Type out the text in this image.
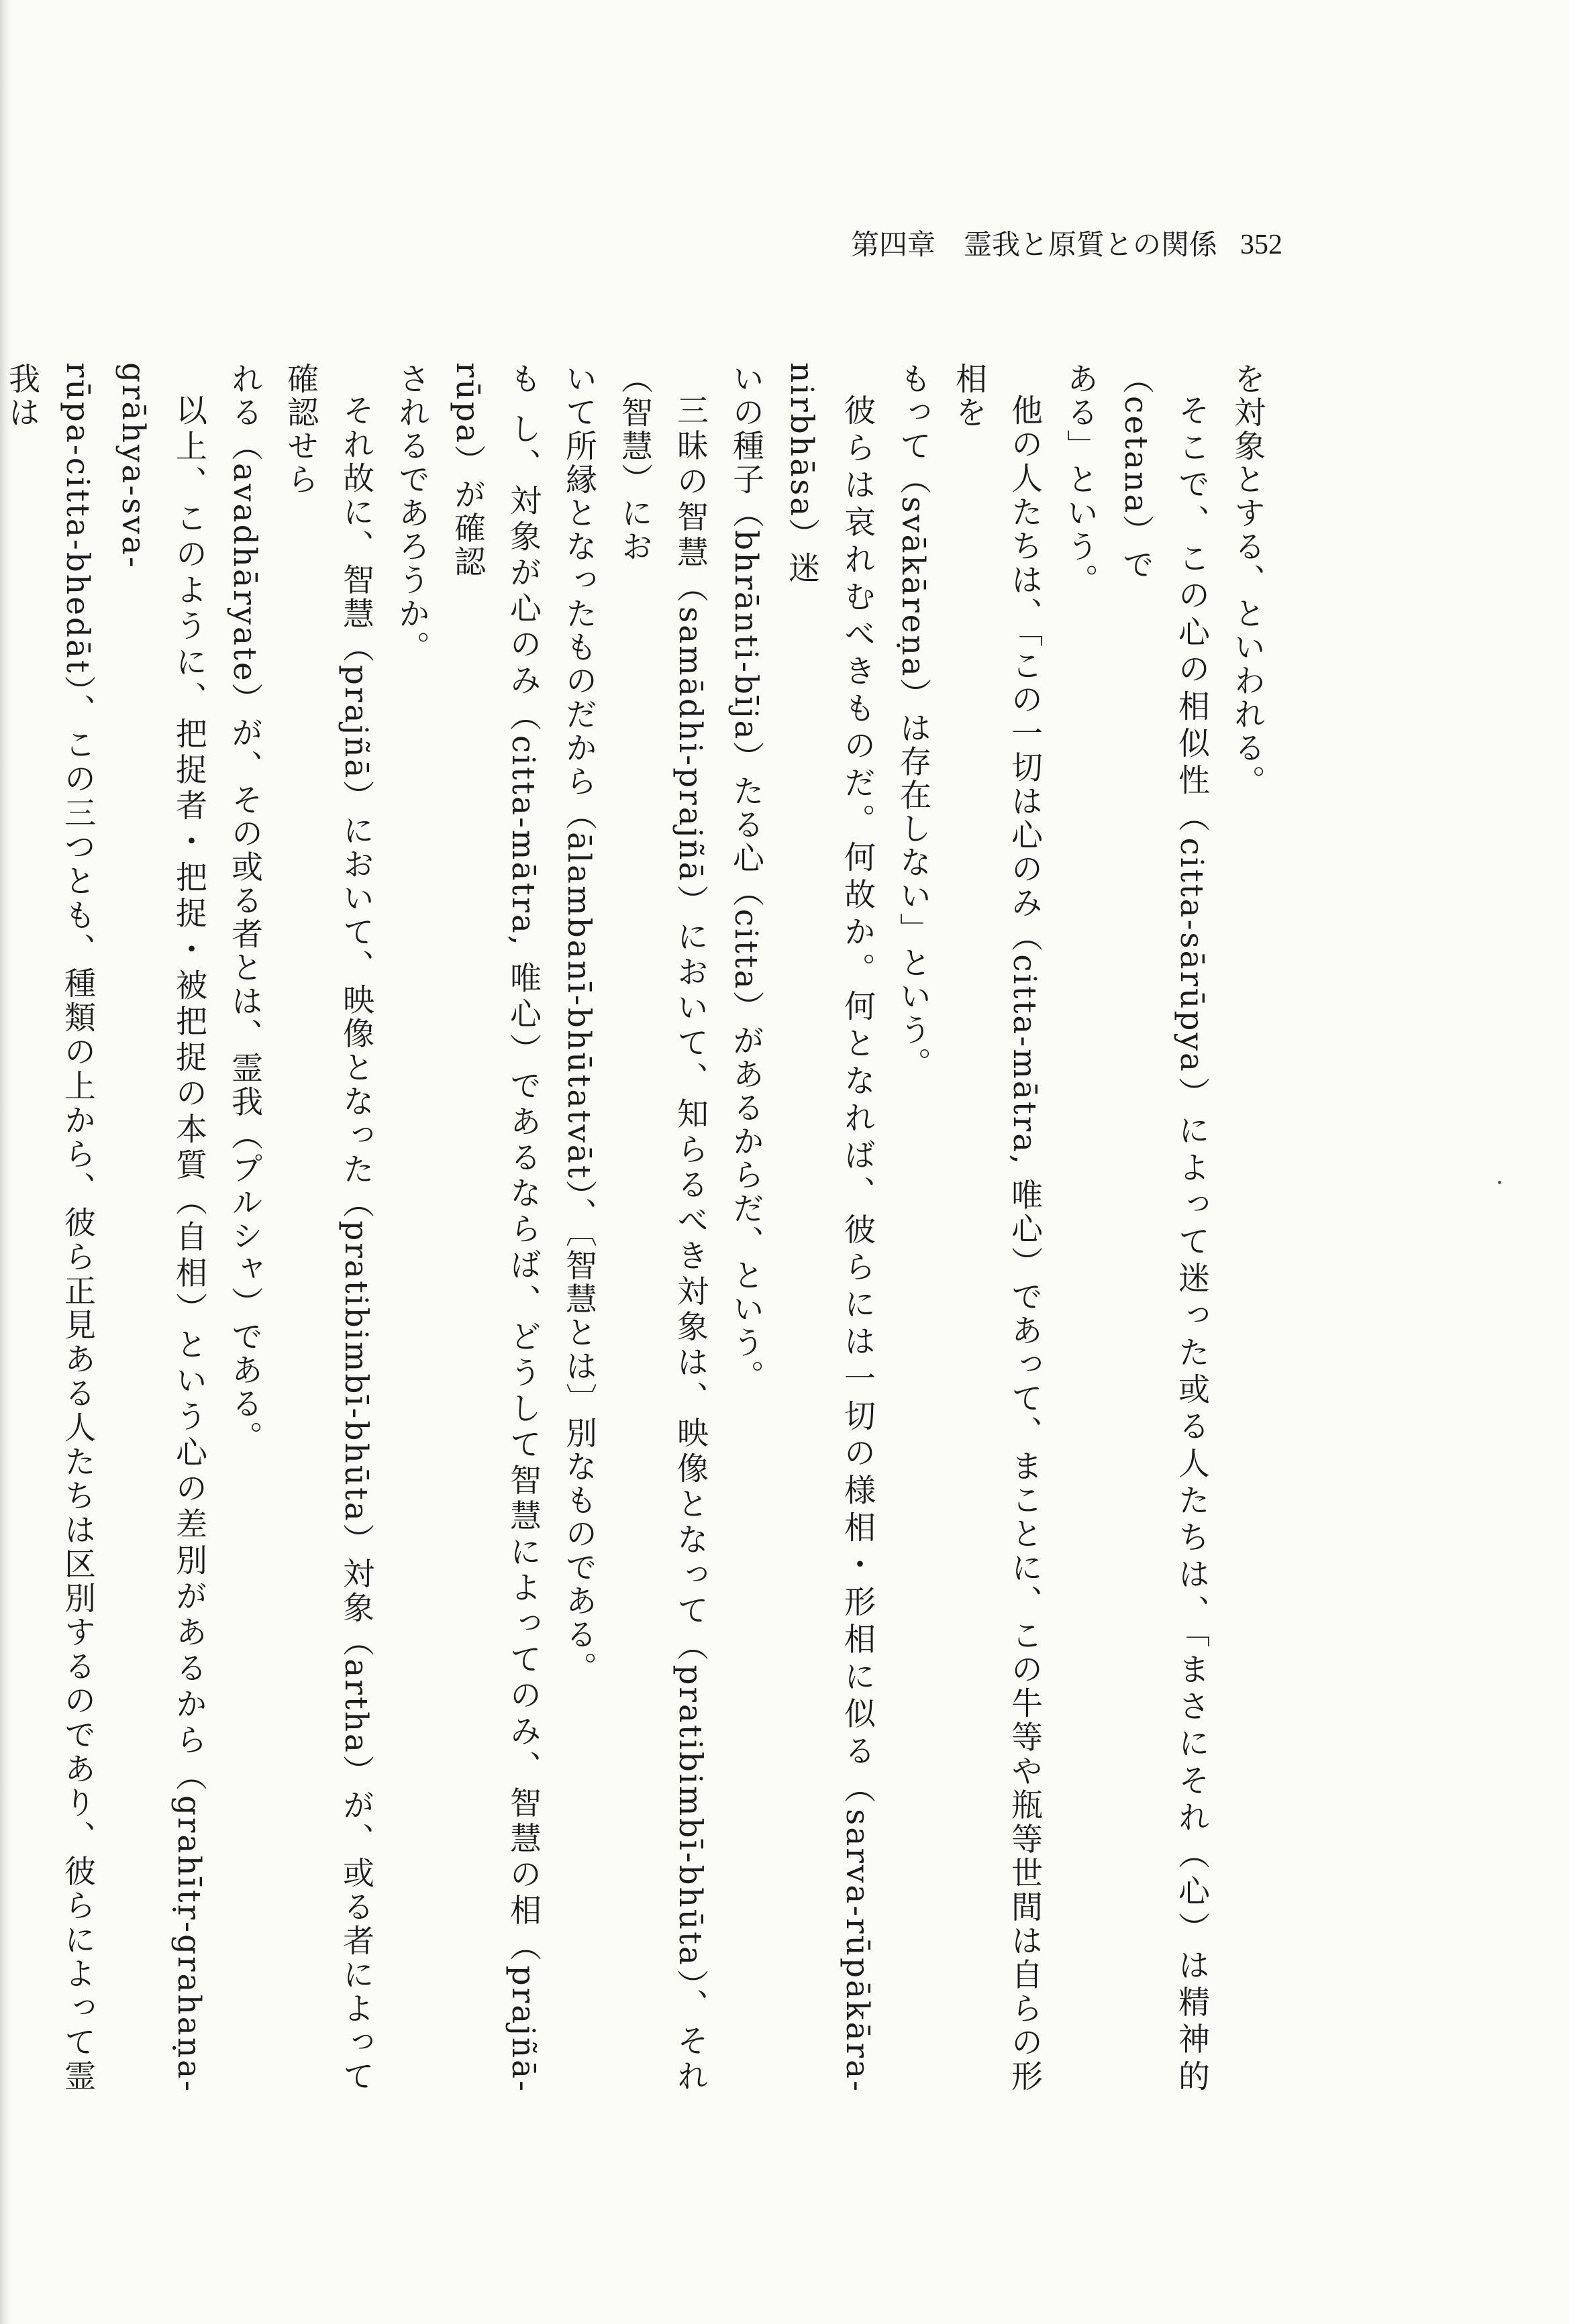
第四章　霊我と原質との関係 352

を対象とする、といわれる。

そこで、この心の相似性（citta-sārūpya）によって迷った或る人たちは、「まさにそれ（心）は精神的（cetana）で

ある」という。

他の人たちは、「この一切は心のみ（citta-mātra, 唯心）であって、まことに、この牛等や瓶等世間は自らの形相を

もって（svākāreṇa）は存在しない」という。

彼らは哀れむべきものだ。何故か。何となれば、彼らには一切の様相・形相に似る（sarva-rūpākāra-nirbhāsa）迷

いの種子（bhrānti-bīja）たる心（citta）があるからだ、という。

三昧の智慧（samādhi-prajñā）において、知らるべき対象は、映像となって（pratibimbī-bhūta）、それ（智慧）にお

いて所縁となったものだから（ālambanī-bhūtatvāt）、〔智慧とは〕別なものである。

も し、対象が心のみ（citta-mātra, 唯心）であるならば、どうして智慧によってのみ、智慧の相（prajñā-rūpa）が確認

されるであろうか。

それ故に、智慧（prajñā）において、映像となった（pratibimbī-bhūta）対象（artha）が、或る者によって確認せら

れる（avadhāryate）が、その或る者とは、霊我（プルシャ）である。

以上、このように、把捉者・把捉・被把捉の本質（自相）という心の差別があるから（grahītṛ-grahaṇa-grāhya-sva-

rūpa-citta-bhedāt）、この三つとも、種類の上から、彼ら正見ある人たちは区別するのであり、彼らによって霊我は
